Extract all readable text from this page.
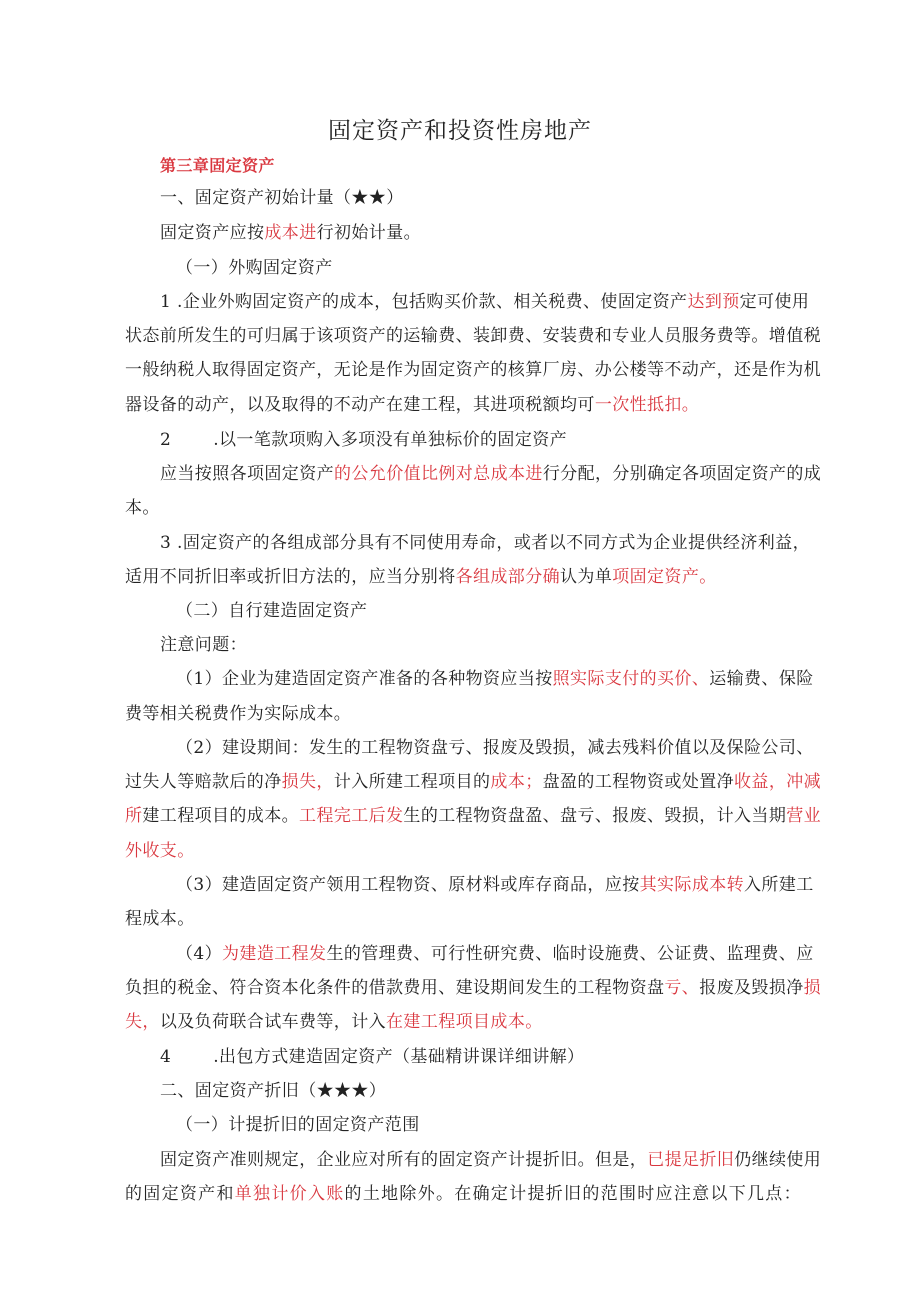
固定资产和投资性房地产
第三章固定资产
一、固定资产初始计量（★★）
固定资产应按成本进行初始计量。
（一）外购固定资产
1 .企业外购固定资产的成本，包括购买价款、相关税费、使固定资产达到预定可使用
状态前所发生的可归属于该项资产的运输费、装卸费、安装费和专业人员服务费等。增值税
一般纳税人取得固定资产，无论是作为固定资产的核算厂房、办公楼等不动产，还是作为机
器设备的动产，以及取得的不动产在建工程，其进项税额均可一次性抵扣。
2 .以一笔款项购入多项没有单独标价的固定资产
应当按照各项固定资产的公允价值比例对总成本进行分配，分别确定各项固定资产的成
本。
3 .固定资产的各组成部分具有不同使用寿命，或者以不同方式为企业提供经济利益，
适用不同折旧率或折旧方法的，应当分别将各组成部分确认为单项固定资产。
（二）自行建造固定资产
注意问题：
（1）企业为建造固定资产准备的各种物资应当按照实际支付的买价、运输费、保险
费等相关税费作为实际成本。
（2）建设期间：发生的工程物资盘亏、报废及毁损，减去残料价值以及保险公司、
过失人等赔款后的净损失，计入所建工程项目的成本；盘盈的工程物资或处置净收益，冲减
所建工程项目的成本。工程完工后发生的工程物资盘盈、盘亏、报废、毁损，计入当期营业
外收支。
（3）建造固定资产领用工程物资、原材料或库存商品，应按其实际成本转入所建工
程成本。
（4）为建造工程发生的管理费、可行性研究费、临时设施费、公证费、监理费、应
负担的税金、符合资本化条件的借款费用、建设期间发生的工程物资盘亏、报废及毁损净损
失，以及负荷联合试车费等，计入在建工程项目成本。
4 .出包方式建造固定资产（基础精讲课详细讲解）
二、固定资产折旧（★★★）
（一）计提折旧的固定资产范围
固定资产准则规定，企业应对所有的固定资产计提折旧。但是，已提足折旧仍继续使用
的固定资产和单独计价入账的土地除外。在确定计提折旧的范围时应注意以下几点：
